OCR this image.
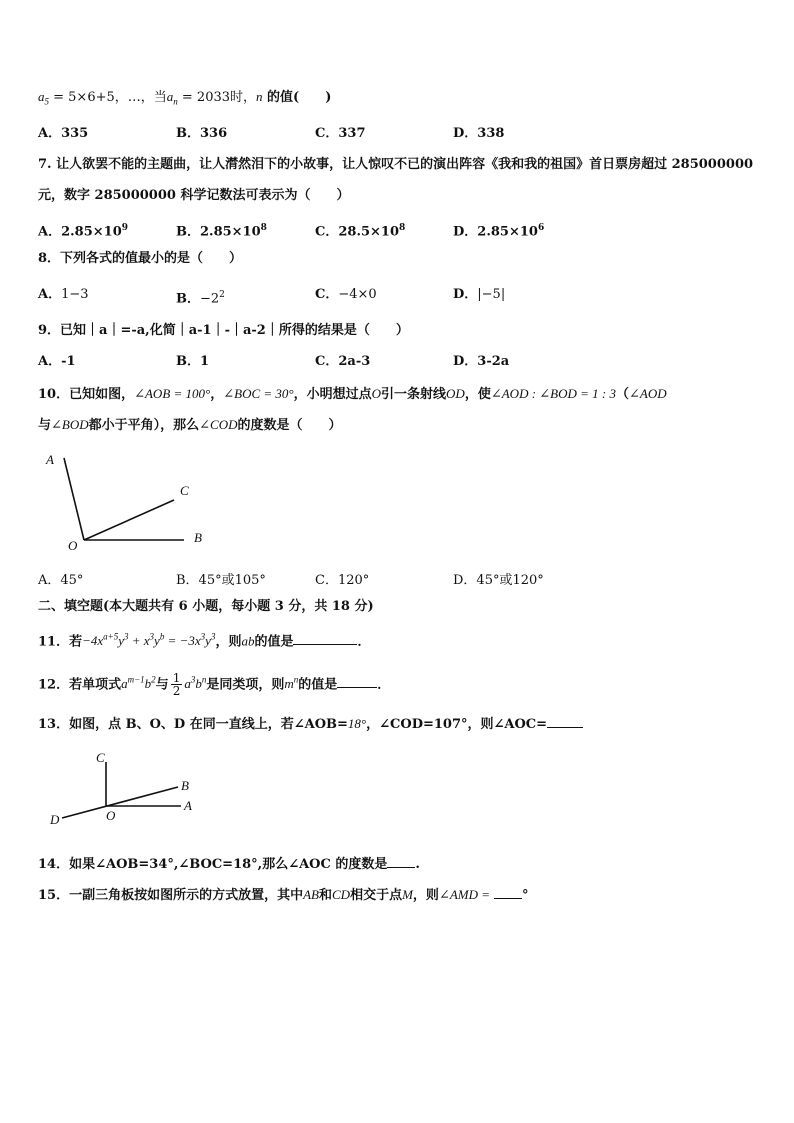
$a_5 = 5\times 6+5$，…，当$a_n = 2033$时，n 的值(　　)
A．335	B．336	C．337	D．338
7. 让人欲罢不能的主题曲，让人潸然泪下的小故事，让人惊叹不已的演出阵容《我和我的祖国》首日票房超过 285000000
元，数字 285000000 科学记数法可表示为（　　）
A．$2.85\times 10^9$	B．$2.85\times 10^8$	C．$28.5\times 10^8$	D．$2.85\times 10^6$
8．下列各式的值最小的是（　　）
A．1−3	B．$-2^2$	C．−4×0	D．|−5|
9．已知｜a｜=-a,化简｜a-1｜-｜a-2｜所得的结果是（　　）
A．-1	B．1	C．2a-3	D．3-2a
10．已知如图，∠AOB = 100°，∠BOC = 30°，小明想过点O引一条射线OD，使∠AOD : ∠BOD = 1 : 3（∠AOD
与∠BOD都小于平角），那么∠COD的度数是（　　）
A
C
O
B
A．45°	B．45°或105°	C．120°	D．45°或120°
二、填空题(本大题共有 6 小题，每小题 3 分，共 18 分)
11．若$-4x^{a+5}y^3 + x^3y^b = -3x^3y^3$，则ab的值是	．
12．若单项式$a^{m-1}b^2$与 $\frac{1}{2} a^3b^n$是同类项，则$m^n$的值是	．
13．如图，点 B、O、D 在同一直线上，若∠AOB=18°，∠COD=107°，则∠AOC=
C
B
A
D	O
14．如果∠AOB=34°,∠BOC=18°,那么∠AOC 的度数是 .
15．一副三角板按如图所示的方式放置，其中AB和CD相交于点M，则∠AMD = °
